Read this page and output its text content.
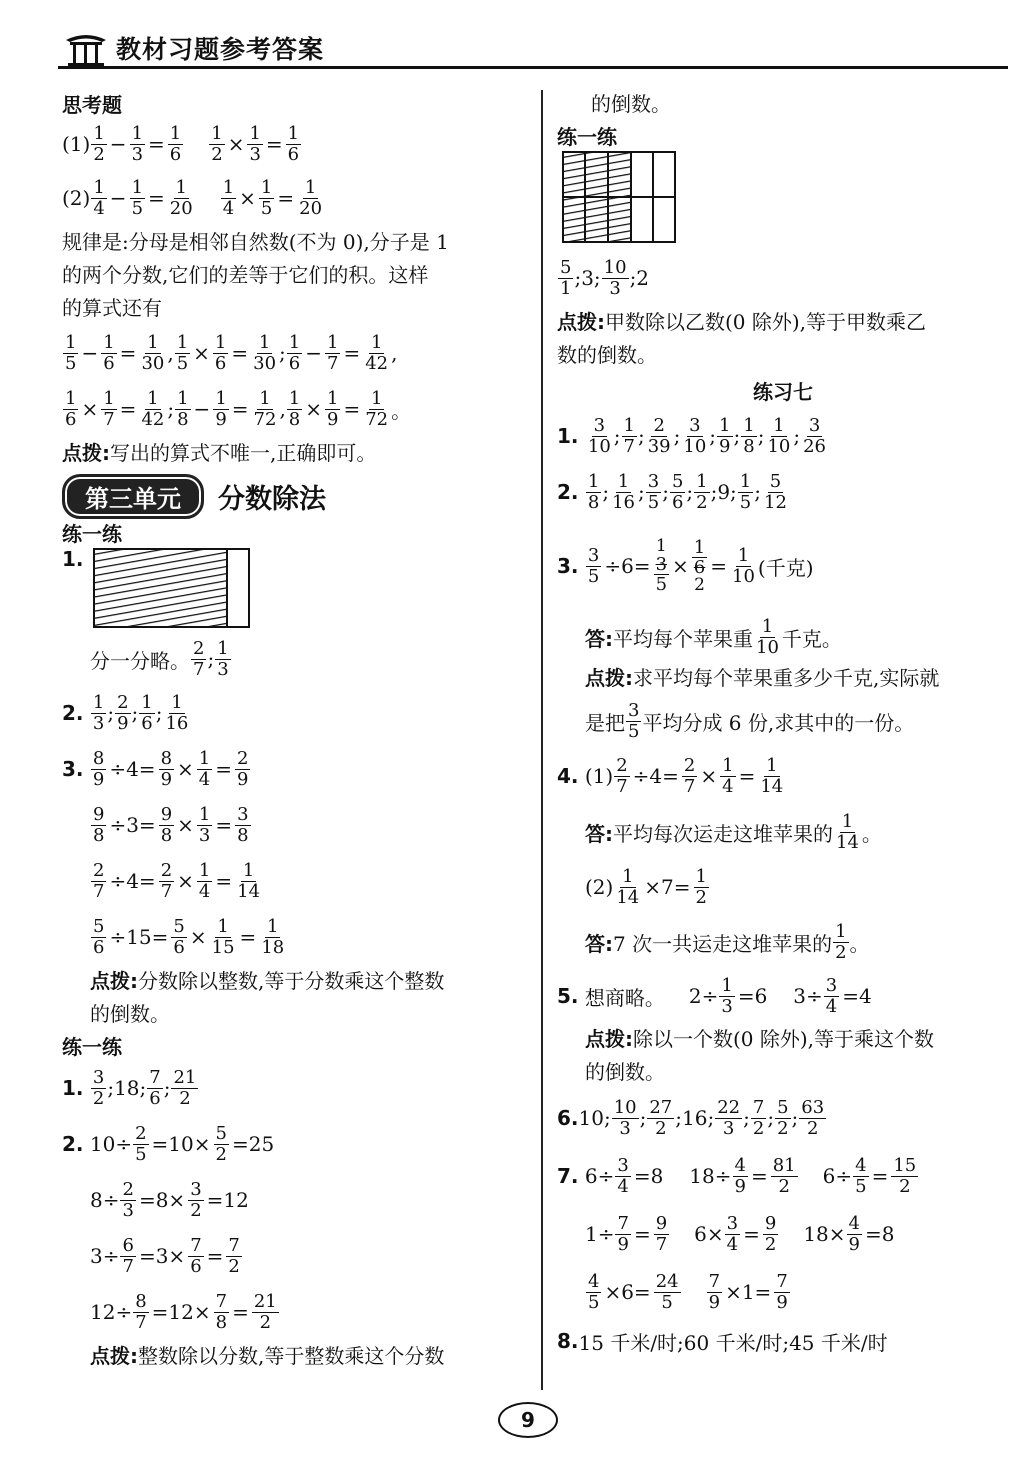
教材习题参考答案
思考题
$(1) \frac{1}{2} - \frac{1}{3} = \frac{1}{6} \frac{1}{2} \times \frac{1}{3} = \frac{1}{6}$
$(2) \frac{1}{4} - \frac{1}{5} = \frac{1}{20} \frac{1}{4} \times \frac{1}{5} = \frac{1}{20}$
规律是:分母是相邻自然数(不为 0),分子是 1
的两个分数,它们的差等于它们的积。这样
的算式还有
$\frac{1}{5} - \frac{1}{6} = \frac{1}{30}$ , $\frac{1}{5} \times \frac{1}{6} = \frac{1}{30}$ ; $\frac{1}{6} - \frac{1}{7} = \frac{1}{42}$ ,
$\frac{1}{6} \times \frac{1}{7} = \frac{1}{42}$ ; $\frac{1}{8} - \frac{1}{9} = \frac{1}{72}$ , $\frac{1}{8} \times \frac{1}{9} = \frac{1}{72}$ 。
点拨:写出的算式不唯一,正确即可。
第三单元	分数除法
练一练
1.
分一分略。 $\frac{2}{7}$ ; $\frac{1}{3}$
2.
$\frac{1}{3}$ ; $\frac{2}{9}$ ; $\frac{1}{6}$ ; $\frac{1}{16}$
3.
$\frac{8}{9} \div 4= \frac{8}{9} \times \frac{1}{4} = \frac{2}{9}$
$\frac{9}{8} \div 3= \frac{9}{8} \times \frac{1}{3} = \frac{3}{8}$
$\frac{2}{7} \div 4= \frac{2}{7} \times \frac{1}{4} = \frac{1}{14}$
$\frac{5}{6} \div 15= \frac{5}{6} \times \frac{1}{15} = \frac{1}{18}$
点拨:分数除以整数,等于分数乘这个整数
的倒数。
练一练
1.
$\frac{3}{2}$ ;18; $\frac{7}{6}$ ; $\frac{21}{2}$
2. $10\div \frac{2}{5} =10\times \frac{5}{2} =25$
$8\div \frac{2}{3} =8\times \frac{3}{2} =12$
$3\div \frac{6}{7} =3\times \frac{7}{6} = \frac{7}{2}$
$12\div \frac{8}{7} =12\times \frac{7}{8} = \frac{21}{2}$
点拨:整数除以分数,等于整数乘这个分数
的倒数。
练一练
$\frac{5}{1}$ ;3; $\frac{10}{3}$ ;2
点拨:甲数除以乙数(0 除外),等于甲数乘乙
数的倒数。
练习七
1.
$\frac{3}{10}$ ; $\frac{1}{7}$ ; $\frac{2}{39}$ ; $\frac{3}{10}$ ; $\frac{1}{9}$ ; $\frac{1}{8}$ ; $\frac{1}{10}$ ; $\frac{3}{26}$
2.
$\frac{1}{8}$ ; $\frac{1}{16}$ ; $\frac{3}{5}$ ; $\frac{5}{6}$ ; $\frac{1}{2}$ ;9; $\frac{1}{5}$ ; $\frac{5}{12}$
3.
$\frac{3}{5} \div 6=$
1
$\frac{3}{5} \times \frac{1}{6}$
2
= $\frac{1}{10}$ (千克)
答: 平均每个苹果重 $\frac{1}{10}$ 千克。
点拨:求平均每个苹果重多少千克,实际就
是把 $\frac{3}{5}$ 平均分成 6 份,求其中的一份。
4.
$(1) \frac{2}{7} \div 4= \frac{2}{7} \times \frac{1}{4} = \frac{1}{14}$
答: 平均每次运走这堆苹果的 $\frac{1}{14}$ 。
$(2) \frac{1}{14} \times 7= \frac{1}{2}$
答: 7 次一共运走这堆苹果的 $\frac{1}{2}$ 。
5.
想商略。 $2\div \frac{1}{3} =6$ $3\div \frac{3}{4} =4$
点拨:除以一个数(0 除外),等于乘这个数
的倒数。
6. 10; $\frac{10}{3}$ ; $\frac{27}{2}$ ;16; $\frac{22}{3}$ ; $\frac{7}{2}$ ; $\frac{5}{2}$ ; $\frac{63}{2}$
7. $6\div \frac{3}{4} =8$ $18\div \frac{4}{9} = \frac{81}{2} 6\div \frac{4}{5} = \frac{15}{2}$
$1\div \frac{7}{9} = \frac{9}{7} 6\times \frac{3}{4} = \frac{9}{2} 18\times \frac{4}{9} =8$
$\frac{4}{5} \times 6= \frac{24}{5} \frac{7}{9} \times 1= \frac{7}{9}$
8. 15 千米/时;60 千米/时;45 千米/时
9
